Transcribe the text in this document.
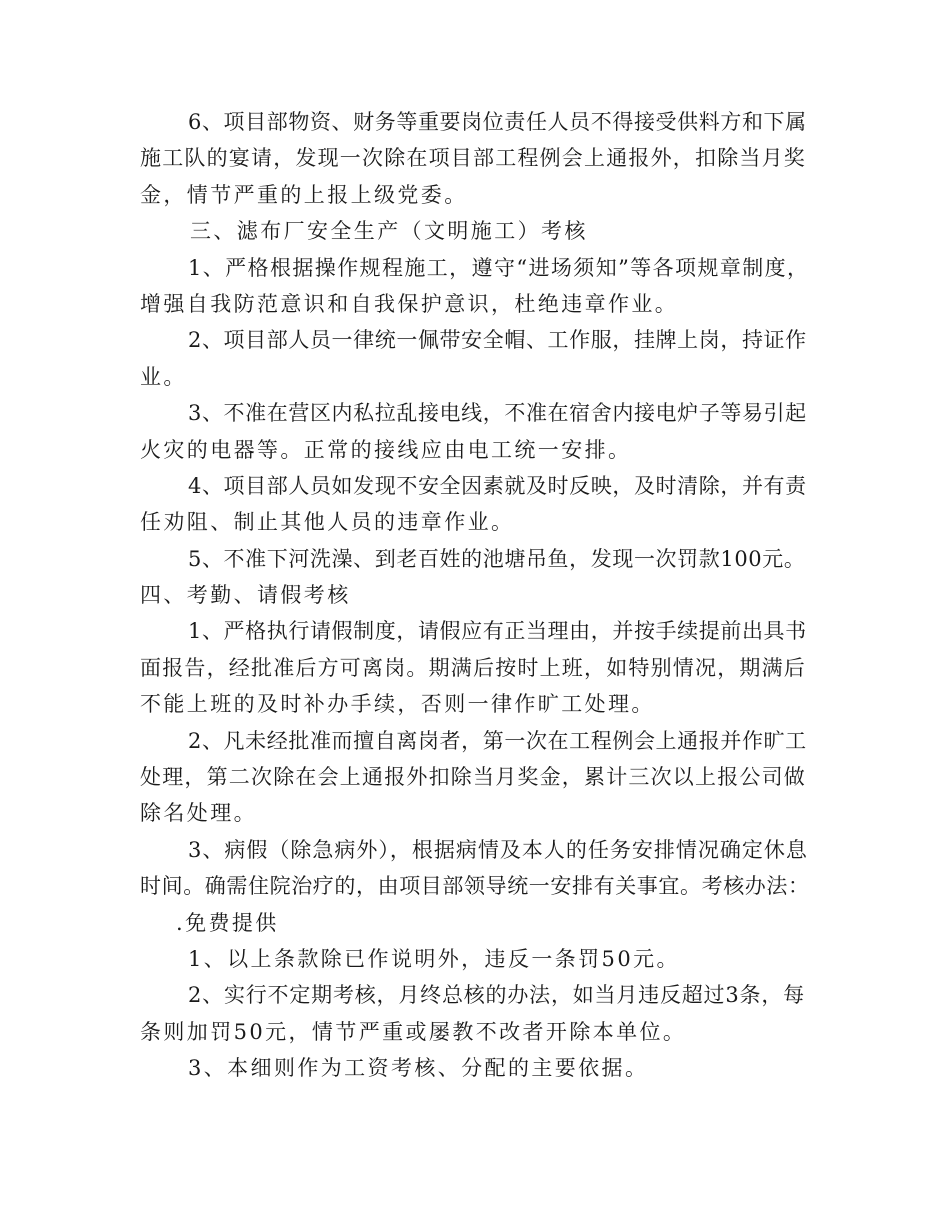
6、项目部物资、财务等重要岗位责任人员不得接受供料方和下属
施工队的宴请，发现一次除在项目部工程例会上通报外，扣除当月奖
金，情节严重的上报上级党委。
三、滤布厂安全生产（文明施工）考核
1、严格根据操作规程施工，遵守“进场须知”等各项规章制度，
增强自我防范意识和自我保护意识，杜绝违章作业。
2、项目部人员一律统一佩带安全帽、工作服，挂牌上岗，持证作
业。
3、不准在营区内私拉乱接电线，不准在宿舍内接电炉子等易引起
火灾的电器等。正常的接线应由电工统一安排。
4、项目部人员如发现不安全因素就及时反映，及时清除，并有责
任劝阻、制止其他人员的违章作业。
5、不准下河洗澡、到老百姓的池塘吊鱼，发现一次罚款100元。
四、考勤、请假考核
1、严格执行请假制度，请假应有正当理由，并按手续提前出具书
面报告，经批准后方可离岗。期满后按时上班，如特别情况，期满后
不能上班的及时补办手续，否则一律作旷工处理。
2、凡未经批准而擅自离岗者，第一次在工程例会上通报并作旷工
处理，第二次除在会上通报外扣除当月奖金，累计三次以上报公司做
除名处理。
3、病假（除急病外），根据病情及本人的任务安排情况确定休息
时间。确需住院治疗的，由项目部领导统一安排有关事宜。考核办法：
.免费提供
1、以上条款除已作说明外，违反一条罚50元。
2、实行不定期考核，月终总核的办法，如当月违反超过3条，每
条则加罚50元，情节严重或屡教不改者开除本单位。
3、本细则作为工资考核、分配的主要依据。
